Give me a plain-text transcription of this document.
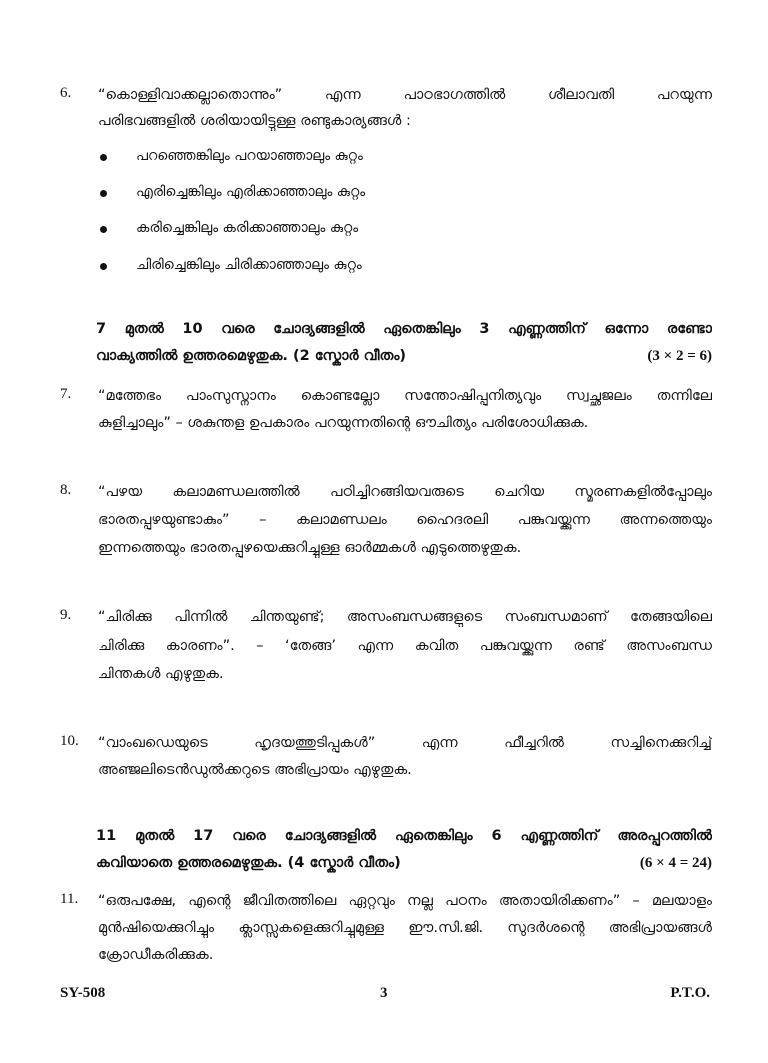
6. “കൊള്ളിവാക്കല്ലാതൊന്നും” എന്ന പാഠഭാഗത്തിൽ ശീലാവതി പറയുന്ന
പരിഭവങ്ങളിൽ ശരിയായിട്ടുള്ള രണ്ടുകാര്യങ്ങൾ :
പറഞ്ഞെങ്കിലും പറയാഞ്ഞാലും കുറ്റം
എരിച്ചെങ്കിലും എരിക്കാഞ്ഞാലും കുറ്റം
കരിച്ചെങ്കിലും കരിക്കാഞ്ഞാലും കുറ്റം
ചിരിച്ചെങ്കിലും ചിരിക്കാഞ്ഞാലും കുറ്റം
7 മുതൽ 10 വരെ ചോദ്യങ്ങളിൽ ഏതെങ്കിലും 3 എണ്ണത്തിന് ഒന്നോ രണ്ടോ
വാക്യത്തിൽ ഉത്തരമെഴുതുക. (2 സ്കോർ വീതം)	(3 × 2 = 6)
7. “മത്തേഭം പാംസുസ്നാനം കൊണ്ടല്ലോ സന്തോഷിപ്പുനിത്യവും സ്വച്ഛജലം തന്നിലേ
കുളിച്ചാലും” – ശകുന്തള ഉപകാരം പറയുന്നതിന്റെ ഔചിത്യം പരിശോധിക്കുക.
8. “പഴയ കലാമണ്ഡലത്തിൽ പഠിച്ചിറങ്ങിയവരുടെ ചെറിയ സ്മരണകളിൽപ്പോലും
ഭാരതപ്പുഴയുണ്ടാകും” – കലാമണ്ഡലം ഹൈദരലി പങ്കുവയ്ക്കുന്ന അന്നത്തെയും
ഇന്നത്തെയും ഭാരതപ്പുഴയെക്കുറിച്ചുള്ള ഓർമ്മകൾ എടുത്തെഴുതുക.
9. “ചിരിക്കു പിന്നിൽ ചിന്തയുണ്ട്; അസംബന്ധങ്ങളുടെ സംബന്ധമാണ് തേങ്ങയിലെ
ചിരിക്കു കാരണം”. – ‘തേങ്ങ’ എന്ന കവിത പങ്കുവയ്ക്കുന്ന രണ്ട് അസംബന്ധ
ചിന്തകൾ എഴുതുക.
10. “വാംഖഡെയുടെ ഹൃദയത്തുടിപ്പുകൾ” എന്ന ഫീച്ചറിൽ സച്ചിനെക്കുറിച്ച്
അഞ്ജലിടെൻഡുൽക്കറുടെ അഭിപ്രായം എഴുതുക.
11 മുതൽ 17 വരെ ചോദ്യങ്ങളിൽ ഏതെങ്കിലും 6 എണ്ണത്തിന് അരപ്പുറത്തിൽ
കവിയാതെ ഉത്തരമെഴുതുക. (4 സ്കോർ വീതം)	(6 × 4 = 24)
11. “ഒരുപക്ഷേ, എന്റെ ജീവിതത്തിലെ ഏറ്റവും നല്ല പഠനം അതായിരിക്കണം” – മലയാളം
മുൻഷിയെക്കുറിച്ചും ക്ലാസ്സുകളെക്കുറിച്ചുമുള്ള ഈ.സി.ജി. സുദർശന്റെ അഭിപ്രായങ്ങൾ
ക്രോഡീകരിക്കുക.
SY-508	3	P.T.O.
